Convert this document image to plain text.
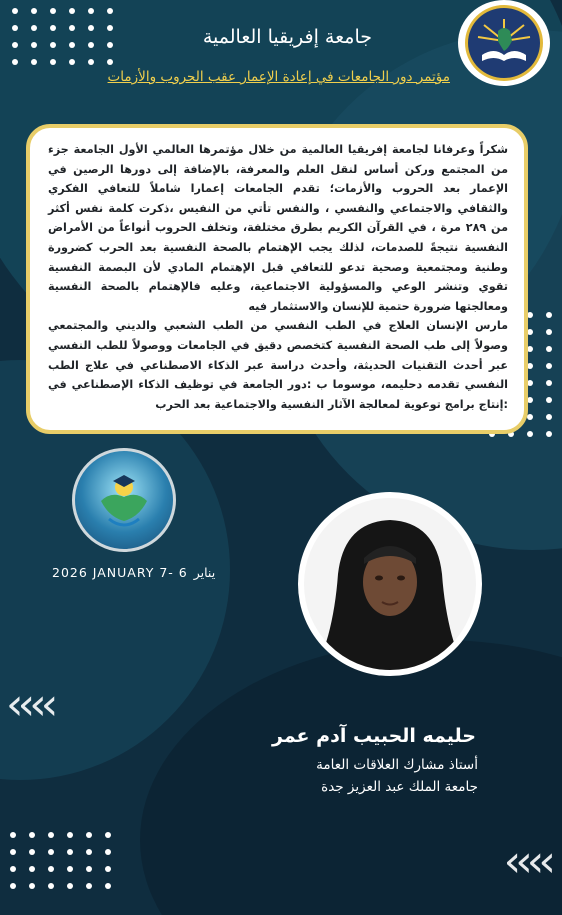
‹‹‹‹
‹‹‹‹
جامعة إفريقيا العالمية
مؤتمر دور الجامعات في إعادة الإعمار عقب الحروب والأزمات

شكراً وعرفانا لجامعة إفريقيا العالمية من خلال مؤتمرها العالمي الأول الجامعة جزء من المجتمع وركن أساس لنقل العلم والمعرفة، بالإضافة إلى دورها الرصين في الإعمار بعد الحروب والأزمات؛ تقدم الجامعات إعمارا شاملاً للتعافي الفكري والثقافي والاجتماعي والنفسي ، والنفس تأتي من النفيس ،ذكرت كلمة نفس أكثر من ٢٨٩ مرة ، في القرآن الكريم بطرق مختلفة، وتخلف الحروب أنواعاً من الأمراض النفسية نتيجةً للصدمات، لذلك يجب الإهتمام بالصحة النفسية بعد الحرب كضرورة وطنية ومجتمعية وصحية تدعو للتعافي قبل الإهتمام المادي لأن البصمة النفسية تقوي وتنشر الوعي والمسؤولية الاجتماعية، وعليه فالإهتمام بالصحة النفسية ومعالجتها ضرورة حتمية للإنسان والاستثمار فيه

مارس الإنسان العلاج في الطب النفسي من الطب الشعبي والديني والمجتمعي وصولاً إلى طب الصحة النفسية كتخصص دقيق في الجامعات ووصولاً للطب النفسي عبر أحدث التقنيات الحديثة، وأحدث دراسة عبر الذكاء الاصطناعي في علاج الطب النفسي تقدمه دحليمه، موسوما ب :دور الجامعة في توظيف الذكاء الإصطناعي في :إنتاج برامج توعوية لمعالجة الآثار النفسية والاجتماعية بعد الحرب

2026 JANUARY 7- 6 يناير
حليمه الحبيب آدم عمر
أستاذ مشارك العلاقات العامة
جامعة الملك عبد العزيز جدة
